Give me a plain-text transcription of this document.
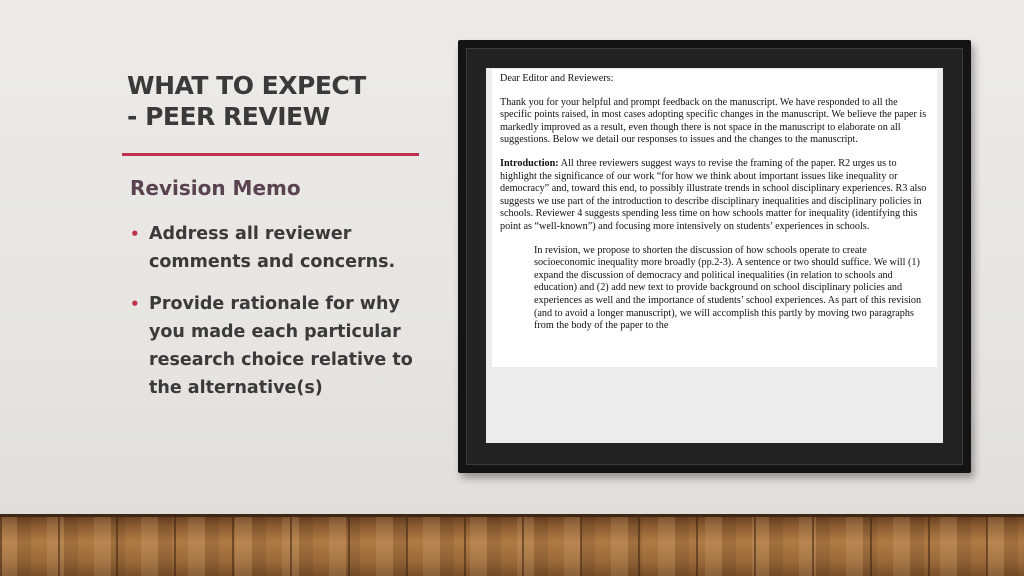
WHAT TO EXPECT
- PEER REVIEW
Revision Memo
• Address all reviewer comments and concerns.
• Provide rationale for why you made each particular research choice relative to the alternative(s)

Dear Editor and Reviewers:

Thank you for your helpful and prompt feedback on the manuscript. We have responded to all the specific points raised, in most cases adopting specific changes in the manuscript. We believe the paper is markedly improved as a result, even though there is not space in the manuscript to elaborate on all suggestions. Below we detail our responses to issues and the changes to the manuscript.

Introduction: All three reviewers suggest ways to revise the framing of the paper. R2 urges us to highlight the significance of our work “for how we think about important issues like inequality or democracy” and, toward this end, to possibly illustrate trends in school disciplinary experiences. R3 also suggests we use part of the introduction to describe disciplinary inequalities and disciplinary policies in schools. Reviewer 4 suggests spending less time on how schools matter for inequality (identifying this point as “well-known”) and focusing more intensively on students’ experiences in schools.

In revision, we propose to shorten the discussion of how schools operate to create socioeconomic inequality more broadly (pp.2-3). A sentence or two should suffice. We will (1) expand the discussion of democracy and political inequalities (in relation to schools and education) and (2) add new text to provide background on school disciplinary policies and experiences as well and the importance of students’ school experiences. As part of this revision (and to avoid a longer manuscript), we will accomplish this partly by moving two paragraphs from the body of the paper to the
